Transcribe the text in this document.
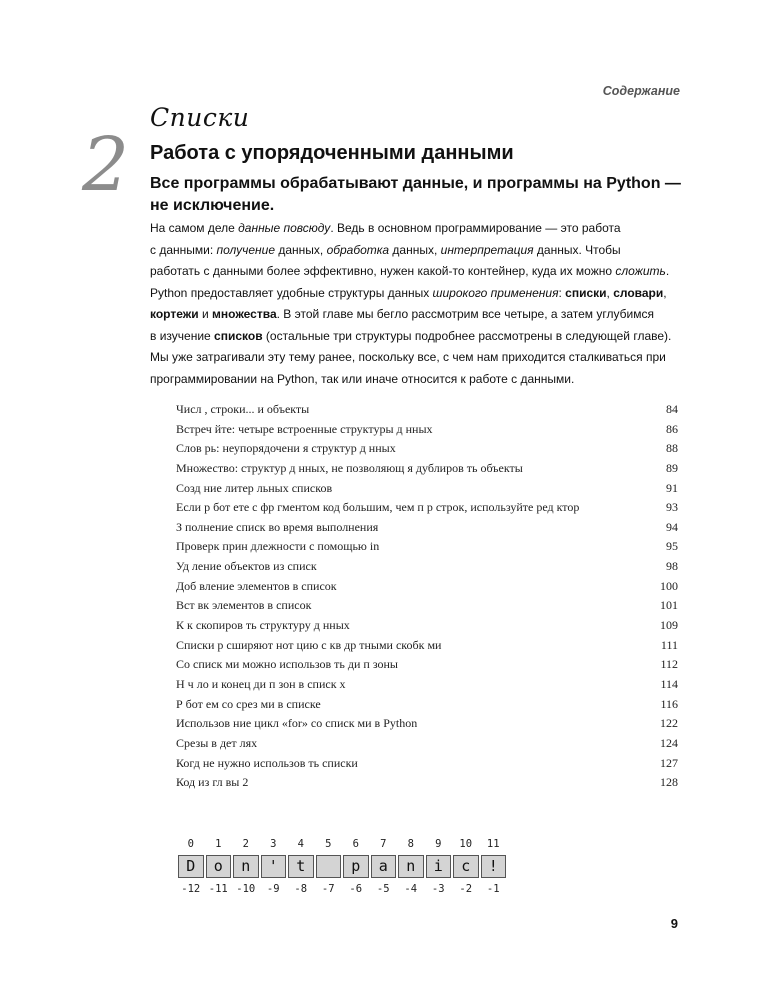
Содержание
Списки
2 Работа с упорядоченными данными

Все программы обрабатывают данные, и программы на Python —
не исключение.

На самом деле данные повсюду. Ведь в основном программирование — это работа
с данными: получение данных, обработка данных, интерпретация данных. Чтобы
работать с данными более эффективно, нужен какой-то контейнер, куда их можно сложить.
Python предоставляет удобные структуры данных широкого применения: списки, словари,
кортежи и множества. В этой главе мы бегло рассмотрим все четыре, а затем углубимся
в изучение списков (остальные три структуры подробнее рассмотрены в следующей главе).
Мы уже затрагивали эту тему ранее, поскольку все, с чем нам приходится сталкиваться при
программировании на Python, так или иначе относится к работе с данными.
Числ , строки... и объекты	84
Встреч йте: четыре встроенные структуры д нных	86
Слов рь: неупорядочени я структур д нных	88
Множество: структур д нных, не позволяющ я дублиров ть объекты	89
Созд ние литер льных списков	91
Если р бот ете с фр гментом код большим, чем п р строк, используйте ред ктор	93
З полнение списк во время выполнения	94
Проверк прин длежности с помощью in	95
Уд ление объектов из списк	98
Доб вление элементов в список	100
Вст вк элементов в список	101
К к скопиров ть структуру д нных	109
Списки р сширяют нот цию с кв др тными скобк ми	111
Со списк ми можно использов ть ди п зоны	112
Н ч ло и конец ди п зон в списк х	114
Р бот ем со срез ми в списке	116
Использов ние цикл «for» со списк ми в Python	122
Срезы в дет лях	124
Когд не нужно использов ть списки	127
Код из гл вы 2	128
0	1	2	3	4	5	6	7	8	9	10	11
D	o	n	'	t	p	a	n	i	c	!
-12 -11 -10	-9	-8	-7	-6	-5	-4	-3	-2	-1
9
